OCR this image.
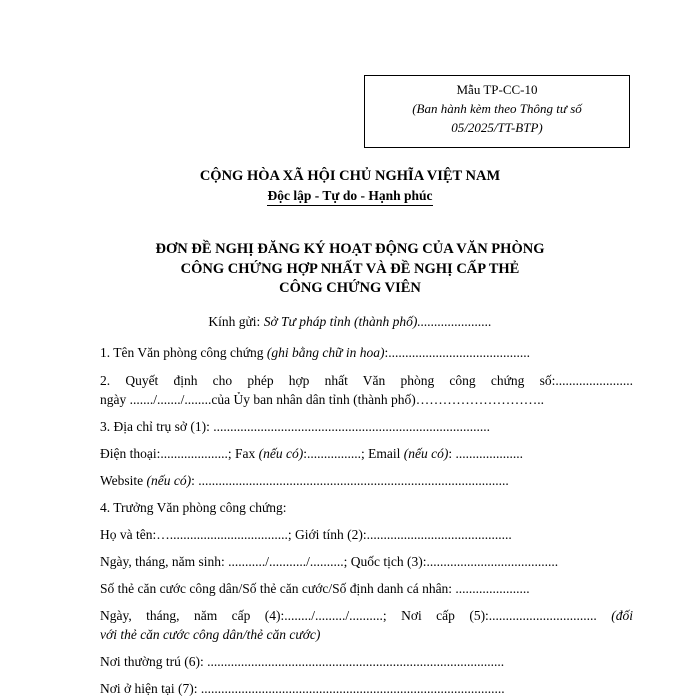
Mẫu TP-CC-10
(Ban hành kèm theo Thông tư số
05/2025/TT-BTP)
CỘNG HÒA XÃ HỘI CHỦ NGHĨA VIỆT NAM
Độc lập - Tự do - Hạnh phúc
ĐƠN ĐỀ NGHỊ ĐĂNG KÝ HOẠT ĐỘNG CỦA VĂN PHÒNG
CÔNG CHỨNG HỢP NHẤT VÀ ĐỀ NGHỊ CẤP THẺ
CÔNG CHỨNG VIÊN
Kính gửi: Sở Tư pháp tỉnh (thành phố)......................
1. Tên Văn phòng công chứng (ghi bằng chữ in hoa):..........................................
2. Quyết định cho phép hợp nhất Văn phòng công chứng số:.......................
ngày ......./......./........của Ủy ban nhân dân tỉnh (thành phố)………………………..
3. Địa chỉ trụ sở (1): ..................................................................................
Điện thoại:....................; Fax (nếu có):................; Email (nếu có): ....................
Website (nếu có): ............................................................................................
4. Trưởng Văn phòng công chứng:
Họ và tên:…...................................; Giới tính (2):...........................................
Ngày, tháng, năm sinh: .........../.........../..........; Quốc tịch (3):.......................................
Số thẻ căn cước công dân/Số thẻ căn cước/Số định danh cá nhân: ......................
Ngày, tháng, năm cấp (4):......../........./..........; Nơi cấp (5):................................ (đối
với thẻ căn cước công dân/thẻ căn cước)
Nơi thường trú (6): ........................................................................................
Nơi ở hiện tại (7): ..........................................................................................
